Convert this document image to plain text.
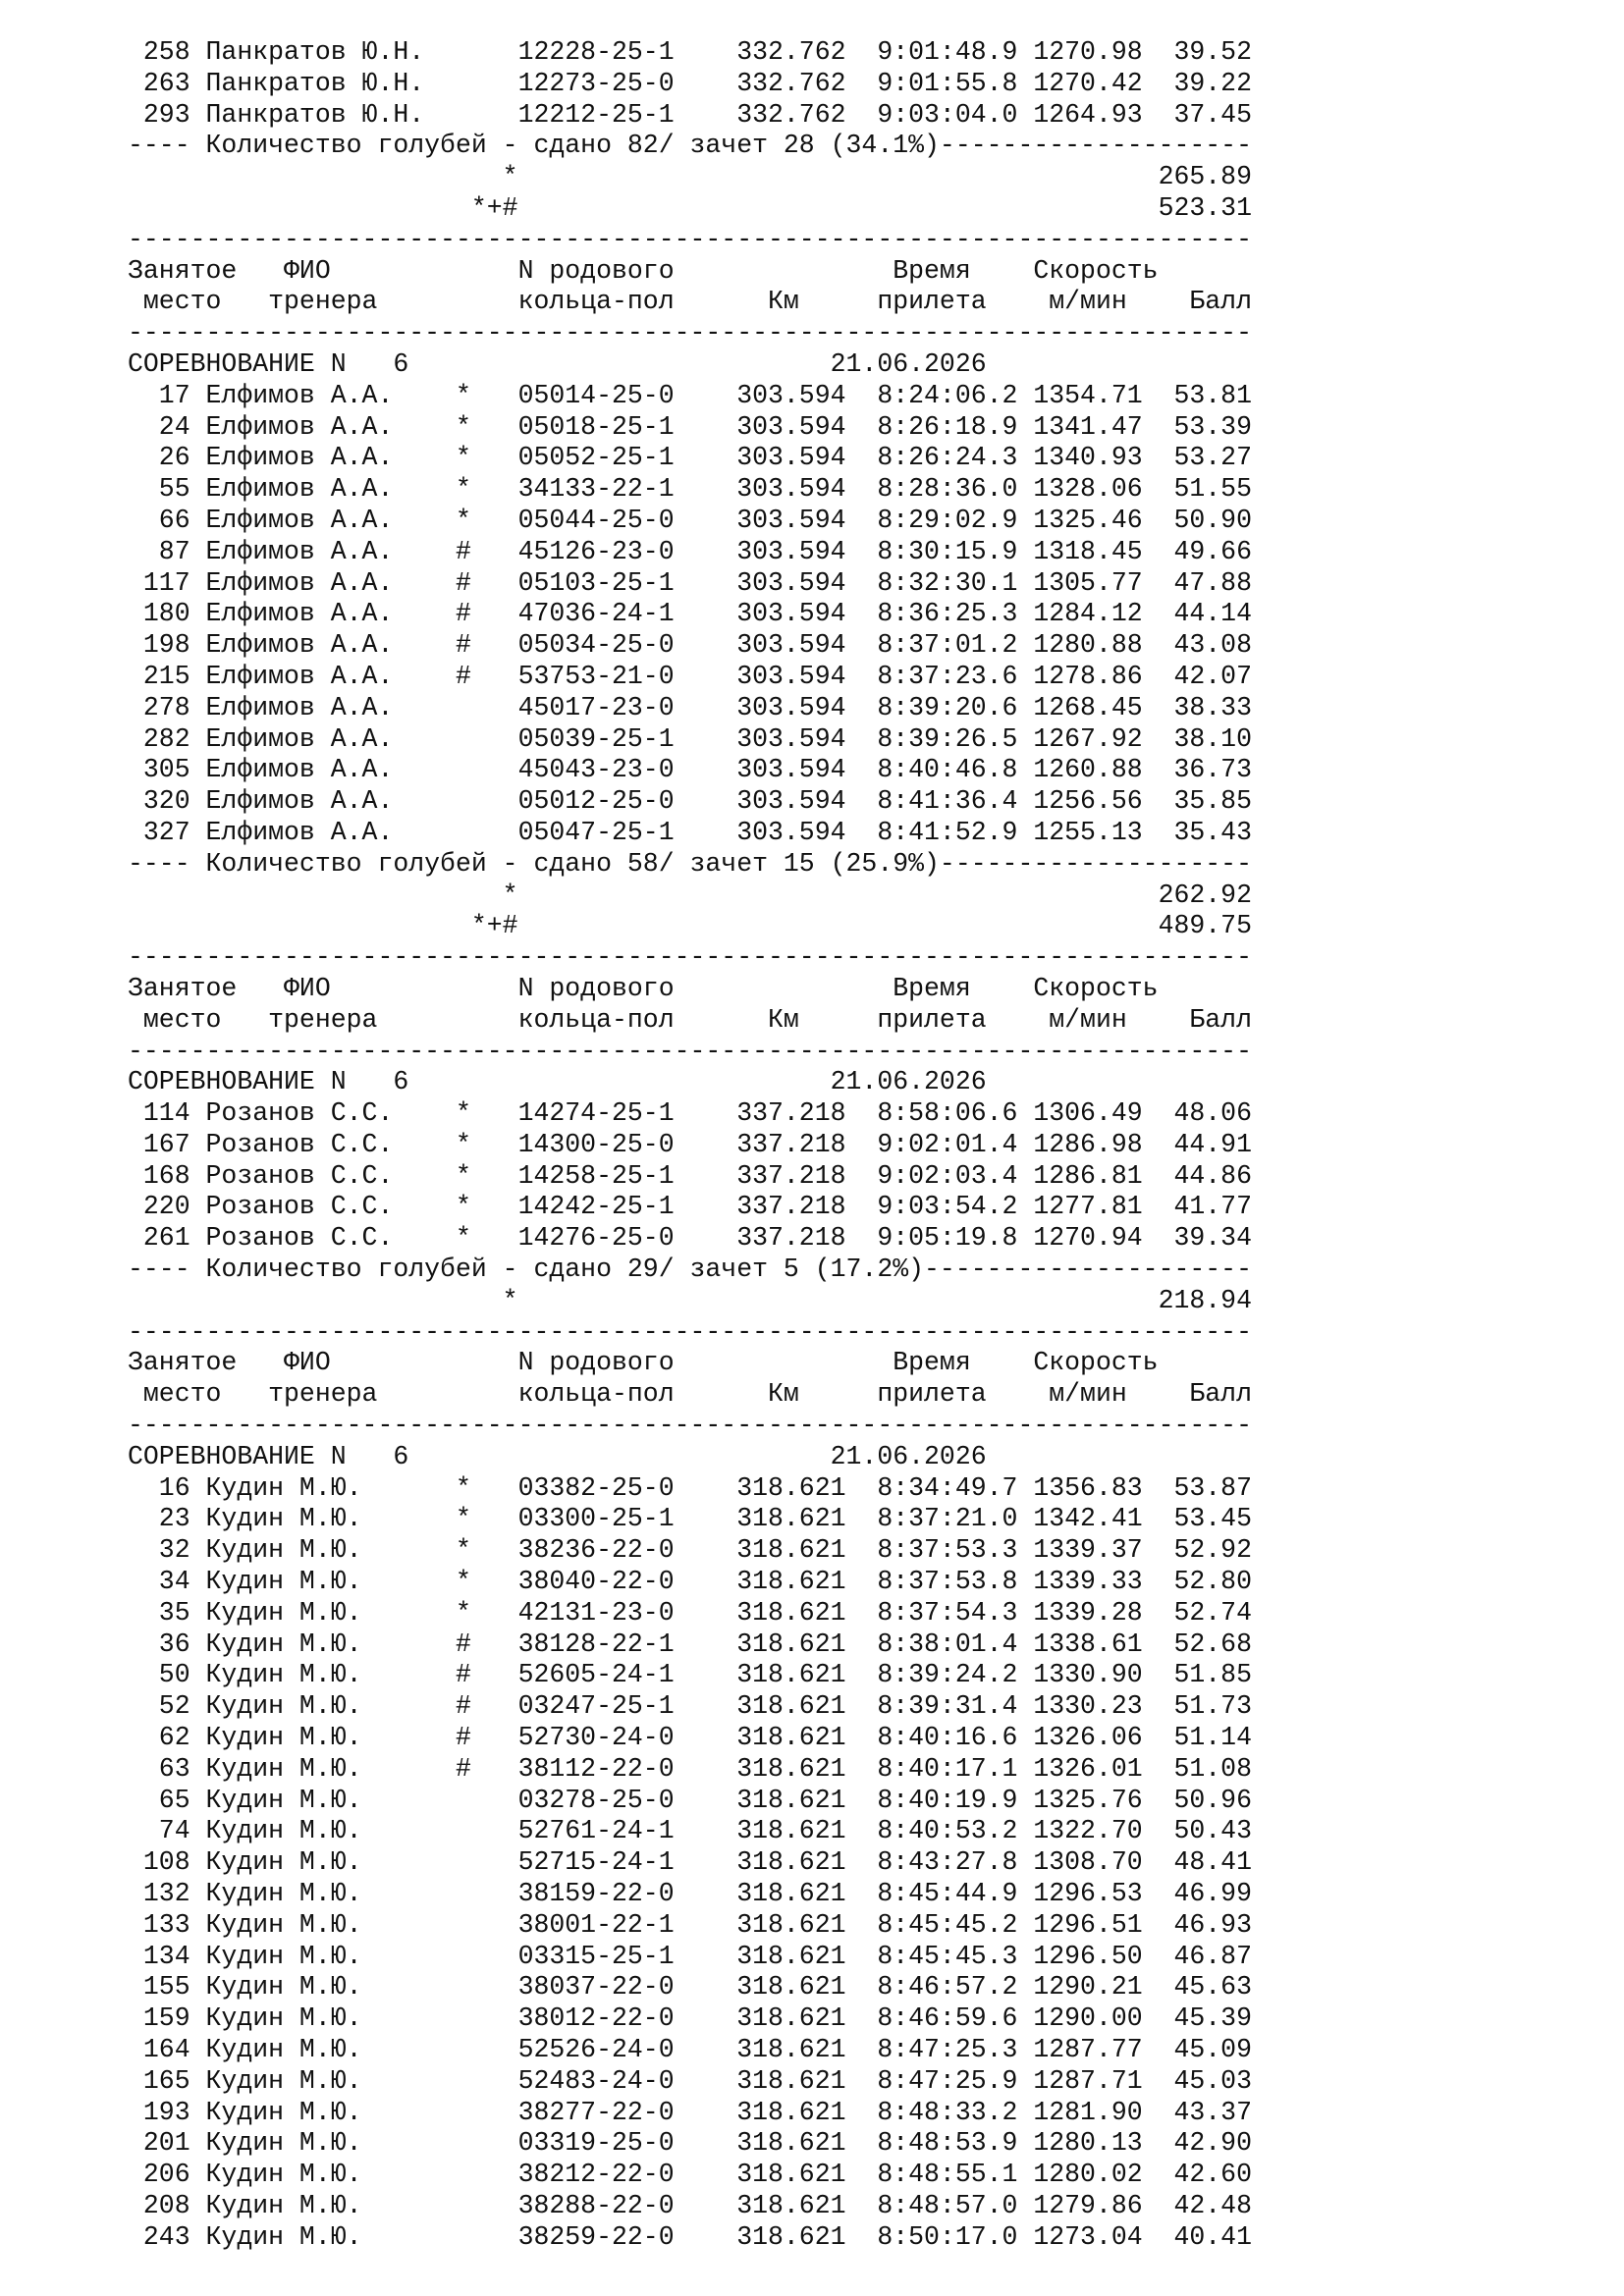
258 Панкратов Ю.Н.      12228-25-1    332.762  9:01:48.9 1270.98  39.52
263 Панкратов Ю.Н.      12273-25-0    332.762  9:01:55.8 1270.42  39.22
293 Панкратов Ю.Н.      12212-25-1    332.762  9:03:04.0 1264.93  37.45
---- Количество голубей - сдано 82/ зачет 28 (34.1%)--------------------
*                                         265.89
*+#                                         523.31
------------------------------------------------------------------------
Занятое   ФИО            N родового              Время    Скорость
место   тренера         кольца-пол      Км     прилета    м/мин    Балл
------------------------------------------------------------------------
СОРЕВНОВАНИЕ N   6                           21.06.2026
17 Елфимов А.А.    *   05014-25-0    303.594  8:24:06.2 1354.71  53.81
24 Елфимов А.А.    *   05018-25-1    303.594  8:26:18.9 1341.47  53.39
26 Елфимов А.А.    *   05052-25-1    303.594  8:26:24.3 1340.93  53.27
55 Елфимов А.А.    *   34133-22-1    303.594  8:28:36.0 1328.06  51.55
66 Елфимов А.А.    *   05044-25-0    303.594  8:29:02.9 1325.46  50.90
87 Елфимов А.А.    #   45126-23-0    303.594  8:30:15.9 1318.45  49.66
117 Елфимов А.А.    #   05103-25-1    303.594  8:32:30.1 1305.77  47.88
180 Елфимов А.А.    #   47036-24-1    303.594  8:36:25.3 1284.12  44.14
198 Елфимов А.А.    #   05034-25-0    303.594  8:37:01.2 1280.88  43.08
215 Елфимов А.А.    #   53753-21-0    303.594  8:37:23.6 1278.86  42.07
278 Елфимов А.А.        45017-23-0    303.594  8:39:20.6 1268.45  38.33
282 Елфимов А.А.        05039-25-1    303.594  8:39:26.5 1267.92  38.10
305 Елфимов А.А.        45043-23-0    303.594  8:40:46.8 1260.88  36.73
320 Елфимов А.А.        05012-25-0    303.594  8:41:36.4 1256.56  35.85
327 Елфимов А.А.        05047-25-1    303.594  8:41:52.9 1255.13  35.43
---- Количество голубей - сдано 58/ зачет 15 (25.9%)--------------------
*                                         262.92
*+#                                         489.75
------------------------------------------------------------------------
Занятое   ФИО            N родового              Время    Скорость
место   тренера         кольца-пол      Км     прилета    м/мин    Балл
------------------------------------------------------------------------
СОРЕВНОВАНИЕ N   6                           21.06.2026
114 Розанов С.С.    *   14274-25-1    337.218  8:58:06.6 1306.49  48.06
167 Розанов С.С.    *   14300-25-0    337.218  9:02:01.4 1286.98  44.91
168 Розанов С.С.    *   14258-25-1    337.218  9:02:03.4 1286.81  44.86
220 Розанов С.С.    *   14242-25-1    337.218  9:03:54.2 1277.81  41.77
261 Розанов С.С.    *   14276-25-0    337.218  9:05:19.8 1270.94  39.34
---- Количество голубей - сдано 29/ зачет 5 (17.2%)---------------------
*                                         218.94
------------------------------------------------------------------------
Занятое   ФИО            N родового              Время    Скорость
место   тренера         кольца-пол      Км     прилета    м/мин    Балл
------------------------------------------------------------------------
СОРЕВНОВАНИЕ N   6                           21.06.2026
16 Кудин М.Ю.      *   03382-25-0    318.621  8:34:49.7 1356.83  53.87
23 Кудин М.Ю.      *   03300-25-1    318.621  8:37:21.0 1342.41  53.45
32 Кудин М.Ю.      *   38236-22-0    318.621  8:37:53.3 1339.37  52.92
34 Кудин М.Ю.      *   38040-22-0    318.621  8:37:53.8 1339.33  52.80
35 Кудин М.Ю.      *   42131-23-0    318.621  8:37:54.3 1339.28  52.74
36 Кудин М.Ю.      #   38128-22-1    318.621  8:38:01.4 1338.61  52.68
50 Кудин М.Ю.      #   52605-24-1    318.621  8:39:24.2 1330.90  51.85
52 Кудин М.Ю.      #   03247-25-1    318.621  8:39:31.4 1330.23  51.73
62 Кудин М.Ю.      #   52730-24-0    318.621  8:40:16.6 1326.06  51.14
63 Кудин М.Ю.      #   38112-22-0    318.621  8:40:17.1 1326.01  51.08
65 Кудин М.Ю.          03278-25-0    318.621  8:40:19.9 1325.76  50.96
74 Кудин М.Ю.          52761-24-1    318.621  8:40:53.2 1322.70  50.43
108 Кудин М.Ю.          52715-24-1    318.621  8:43:27.8 1308.70  48.41
132 Кудин М.Ю.          38159-22-0    318.621  8:45:44.9 1296.53  46.99
133 Кудин М.Ю.          38001-22-1    318.621  8:45:45.2 1296.51  46.93
134 Кудин М.Ю.          03315-25-1    318.621  8:45:45.3 1296.50  46.87
155 Кудин М.Ю.          38037-22-0    318.621  8:46:57.2 1290.21  45.63
159 Кудин М.Ю.          38012-22-0    318.621  8:46:59.6 1290.00  45.39
164 Кудин М.Ю.          52526-24-0    318.621  8:47:25.3 1287.77  45.09
165 Кудин М.Ю.          52483-24-0    318.621  8:47:25.9 1287.71  45.03
193 Кудин М.Ю.          38277-22-0    318.621  8:48:33.2 1281.90  43.37
201 Кудин М.Ю.          03319-25-0    318.621  8:48:53.9 1280.13  42.90
206 Кудин М.Ю.          38212-22-0    318.621  8:48:55.1 1280.02  42.60
208 Кудин М.Ю.          38288-22-0    318.621  8:48:57.0 1279.86  42.48
243 Кудин М.Ю.          38259-22-0    318.621  8:50:17.0 1273.04  40.41
